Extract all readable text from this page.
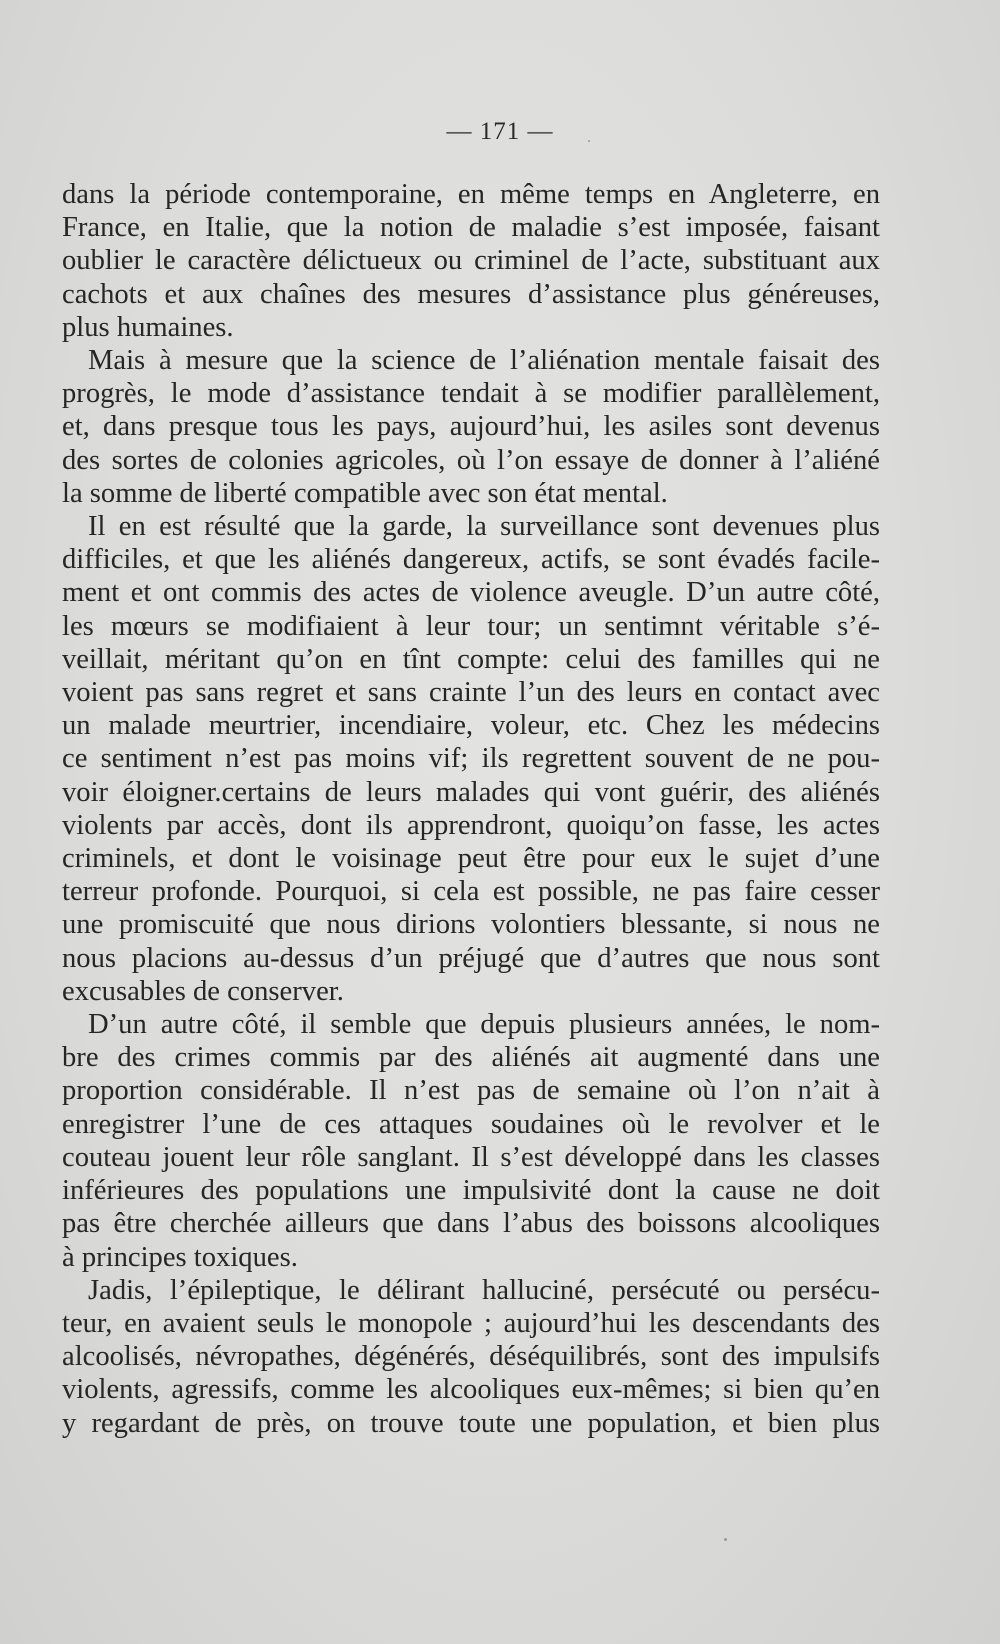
— 171 —
dans la période contemporaine, en même temps en Angleterre, en
France, en Italie, que la notion de maladie s’est imposée, faisant
oublier le caractère délictueux ou criminel de l’acte, substituant aux
cachots et aux chaînes des mesures d’assistance plus généreuses,
plus humaines.
Mais à mesure que la science de l’aliénation mentale faisait des
progrès, le mode d’assistance tendait à se modifier parallèlement,
et, dans presque tous les pays, aujourd’hui, les asiles sont devenus
des sortes de colonies agricoles, où l’on essaye de donner à l’aliéné
la somme de liberté compatible avec son état mental.
Il en est résulté que la garde, la surveillance sont devenues plus
difficiles, et que les aliénés dangereux, actifs, se sont évadés facile-
ment et ont commis des actes de violence aveugle. D’un autre côté,
les mœurs se modifiaient à leur tour; un sentimnt véritable s’é-
veillait, méritant qu’on en tînt compte: celui des familles qui ne
voient pas sans regret et sans crainte l’un des leurs en contact avec
un malade meurtrier, incendiaire, voleur, etc. Chez les médecins
ce sentiment n’est pas moins vif; ils regrettent souvent de ne pou-
voir éloigner.certains de leurs malades qui vont guérir, des aliénés
violents par accès, dont ils apprendront, quoiqu’on fasse, les actes
criminels, et dont le voisinage peut être pour eux le sujet d’une
terreur profonde. Pourquoi, si cela est possible, ne pas faire cesser
une promiscuité que nous dirions volontiers blessante, si nous ne
nous placions au-dessus d’un préjugé que d’autres que nous sont
excusables de conserver.
D’un autre côté, il semble que depuis plusieurs années, le nom-
bre des crimes commis par des aliénés ait augmenté dans une
proportion considérable. Il n’est pas de semaine où l’on n’ait à
enregistrer l’une de ces attaques soudaines où le revolver et le
couteau jouent leur rôle sanglant. Il s’est développé dans les classes
inférieures des populations une impulsivité dont la cause ne doit
pas être cherchée ailleurs que dans l’abus des boissons alcooliques
à principes toxiques.
Jadis, l’épileptique, le délirant halluciné, persécuté ou persécu-
teur, en avaient seuls le monopole ; aujourd’hui les descendants des
alcoolisés, névropathes, dégénérés, déséquilibrés, sont des impulsifs
violents, agressifs, comme les alcooliques eux-mêmes; si bien qu’en
y regardant de près, on trouve toute une population, et bien plus
